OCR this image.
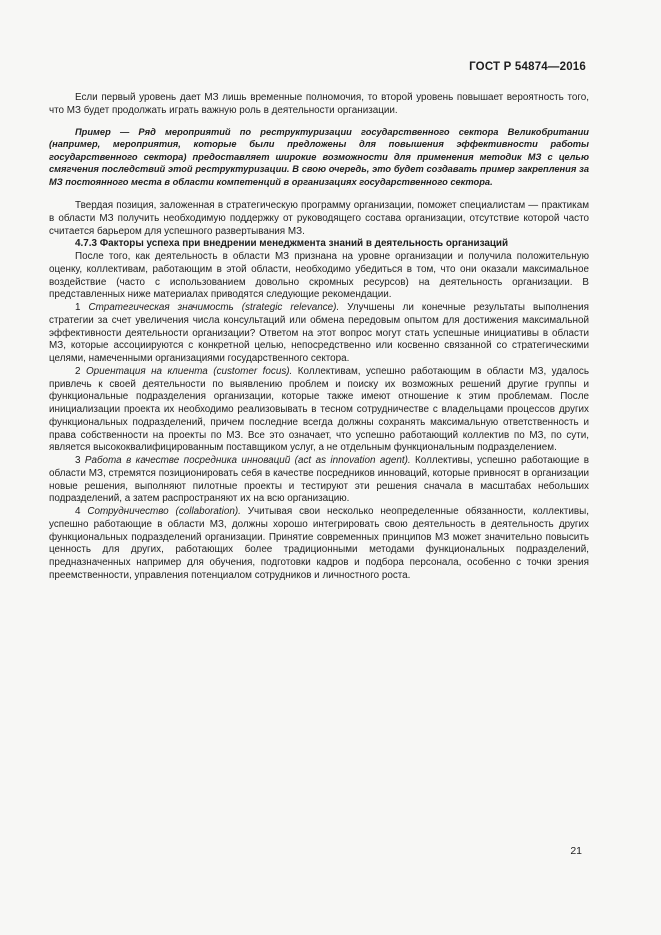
ГОСТ Р 54874—2016

Если первый уровень дает МЗ лишь временные полномочия, то второй уровень повышает вероятность того, что МЗ будет продолжать играть важную роль в деятельности организации.

Пример — Ряд мероприятий по реструктуризации государственного сектора Великобритании (например, мероприятия, которые были предложены для повышения эффективности работы государственного сектора) предоставляет широкие возможности для применения методик МЗ с целью смягчения последствий этой реструктуризации. В свою очередь, это будет создавать пример закрепления за МЗ постоянного места в области компетенций в организациях государственного сектора.

Твердая позиция, заложенная в стратегическую программу организации, поможет специалистам — практикам в области МЗ получить необходимую поддержку от руководящего состава организации, отсутствие которой часто считается барьером для успешного развертывания МЗ.

4.7.3 Факторы успеха при внедрении менеджмента знаний в деятельность организаций

После того, как деятельность в области МЗ признана на уровне организации и получила положительную оценку, коллективам, работающим в этой области, необходимо убедиться в том, что они оказали максимальное воздействие (часто с использованием довольно скромных ресурсов) на деятельность организации. В представленных ниже материалах приводятся следующие рекомендации.

1 Стратегическая значимость (strategic relevance). Улучшены ли конечные результаты выполнения стратегии за счет увеличения числа консультаций или обмена передовым опытом для достижения максимальной эффективности деятельности организации? Ответом на этот вопрос могут стать успешные инициативы в области МЗ, которые ассоциируются с конкретной целью, непосредственно или косвенно связанной со стратегическими целями, намеченными организациями государственного сектора.

2 Ориентация на клиента (customer focus). Коллективам, успешно работающим в области МЗ, удалось привлечь к своей деятельности по выявлению проблем и поиску их возможных решений другие группы и функциональные подразделения организации, которые также имеют отношение к этим проблемам. После инициализации проекта их необходимо реализовывать в тесном сотрудничестве с владельцами процессов других функциональных подразделений, причем последние всегда должны сохранять максимальную ответственность и права собственности на проекты по МЗ. Все это означает, что успешно работающий коллектив по МЗ, по сути, является высококвалифицированным поставщиком услуг, а не отдельным функциональным подразделением.

3 Работа в качестве посредника инноваций (act as innovation agent). Коллективы, успешно работающие в области МЗ, стремятся позиционировать себя в качестве посредников инноваций, которые привносят в организации новые решения, выполняют пилотные проекты и тестируют эти решения сначала в масштабах небольших подразделений, а затем распространяют их на всю организацию.

4 Сотрудничество (collaboration). Учитывая свои несколько неопределенные обязанности, коллективы, успешно работающие в области МЗ, должны хорошо интегрировать свою деятельность в деятельность других функциональных подразделений организации. Принятие современных принципов МЗ может значительно повысить ценность для других, работающих более традиционными методами функциональных подразделений, предназначенных например для обучения, подготовки кадров и подбора персонала, особенно с точки зрения преемственности, управления потенциалом сотрудников и личностного роста.

21
